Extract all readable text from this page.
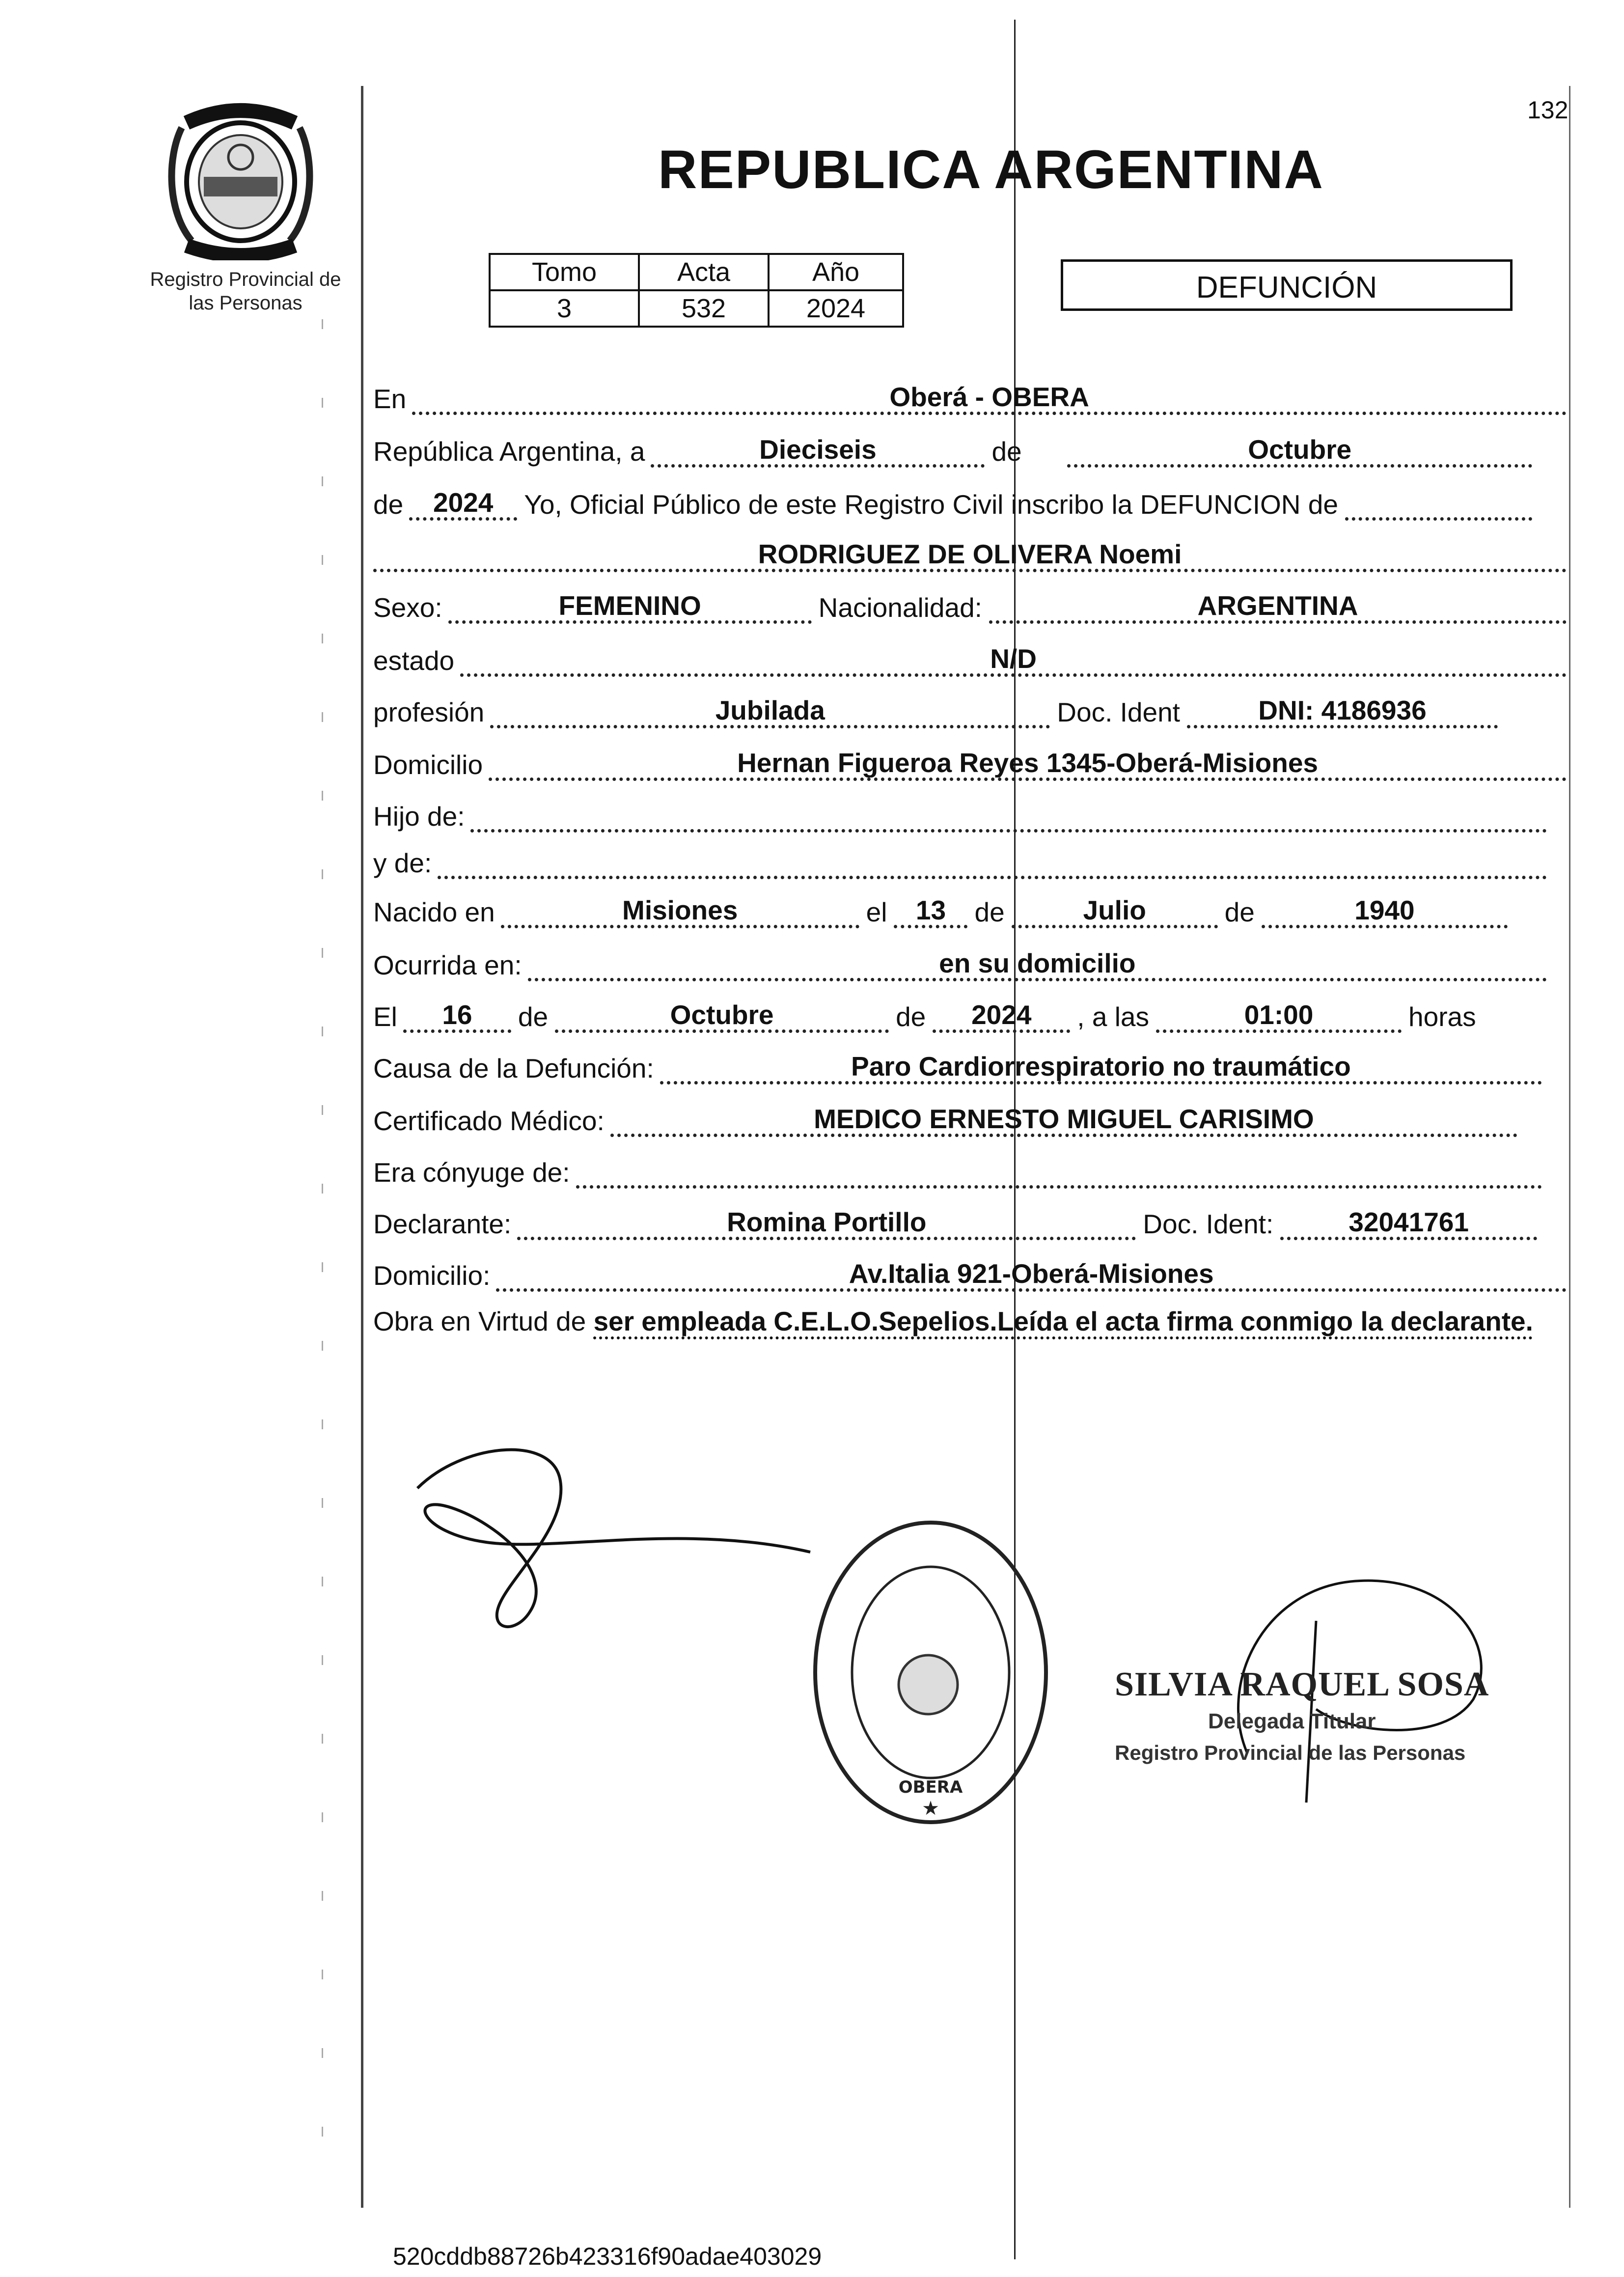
Registro Provincial de las Personas
132
REPUBLICA ARGENTINA
Tomo	Acta	Año
3	532	2024
DEFUNCIÓN
En	Oberá - OBERA
República Argentina, a	Dieciseis	de	Octubre
de	2024	Yo, Oficial Público de este Registro Civil inscribo la DEFUNCION de
RODRIGUEZ DE OLIVERA Noemi
Sexo:	FEMENINO	Nacionalidad:	ARGENTINA
estado	N/D
profesión	Jubilada	Doc. Ident	DNI: 4186936
Domicilio	Hernan Figueroa Reyes 1345-Oberá-Misiones
Hijo de:
y de:
Nacido en	Misiones	el	13	de	Julio	de	1940
Ocurrida en:	en su domicilio
El	16	de	Octubre	de	2024	, a las	01:00	horas
Causa de la Defunción:	Paro Cardiorrespiratorio no traumático
Certificado Médico:	MEDICO ERNESTO MIGUEL CARISIMO
Era cónyuge de:
Declarante:	Romina Portillo	Doc. Ident:	32041761
Domicilio:	Av.Italia 921-Oberá-Misiones
Obra en Virtud de ser empleada C.E.L.O.Sepelios.Leída el acta firma conmigo la declarante.
OBERA
★
SILVIA RAQUEL SOSA
Delegada Titular
Registro Provincial de las Personas
520cddb88726b423316f90adae403029
